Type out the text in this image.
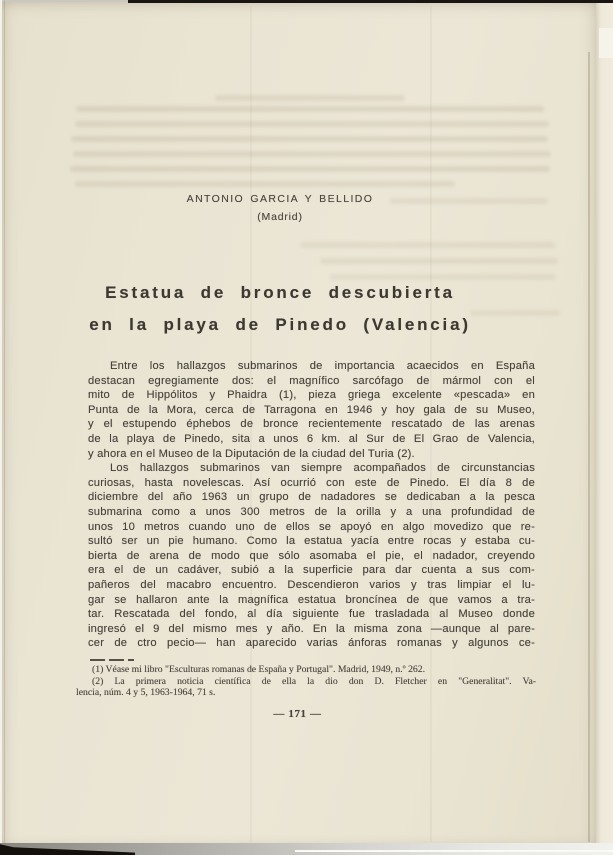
ANTONIO GARCIA Y BELLIDO
(Madrid)
Estatua de bronce descubierta
en la playa de Pinedo (Valencia)
Entre los hallazgos submarinos de importancia acaecidos en España
destacan egregiamente dos: el magnífico sarcófago de mármol con el
mito de Hippólitos y Phaidra (1), pieza griega excelente «pescada» en
Punta de la Mora, cerca de Tarragona en 1946 y hoy gala de su Museo,
y el estupendo éphebos de bronce recientemente rescatado de las arenas
de la playa de Pinedo, sita a unos 6 km. al Sur de El Grao de Valencia,
y ahora en el Museo de la Diputación de la ciudad del Turia (2).
Los hallazgos submarinos van siempre acompañados de circunstancias
curiosas, hasta novelescas. Así ocurrió con este de Pinedo. El día 8 de
diciembre del año 1963 un grupo de nadadores se dedicaban a la pesca
submarina como a unos 300 metros de la orilla y a una profundidad de
unos 10 metros cuando uno de ellos se apoyó en algo movedizo que re-
sultó ser un pie humano. Como la estatua yacía entre rocas y estaba cu-
bierta de arena de modo que sólo asomaba el pie, el nadador, creyendo
era el de un cadáver, subió a la superficie para dar cuenta a sus com-
pañeros del macabro encuentro. Descendieron varios y tras limpiar el lu-
gar se hallaron ante la magnífica estatua broncínea de que vamos a tra-
tar. Rescatada del fondo, al día siguiente fue trasladada al Museo donde
ingresó el 9 del mismo mes y año. En la misma zona —aunque al pare-
cer de ctro pecio— han aparecido varias ánforas romanas y algunos ce-
(1) Véase mi libro "Esculturas romanas de España y Portugal". Madrid, 1949, n.º 262.
(2) La primera noticia científica de ella la dio don D. Fletcher en "Generalitat". Va-
lencia, núm. 4 y 5, 1963-1964, 71 s.
— 171 —
